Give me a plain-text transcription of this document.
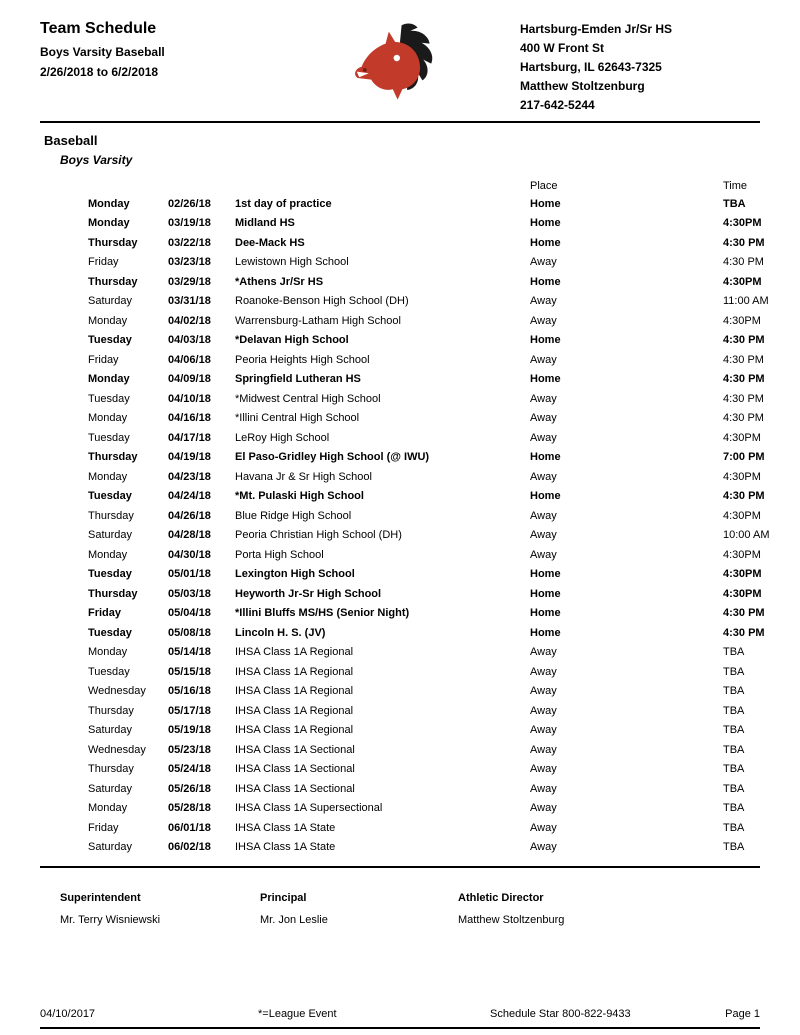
Team Schedule
Boys Varsity Baseball
2/26/2018 to 6/2/2018
Hartsburg-Emden Jr/Sr HS
400 W Front St
Hartsburg, IL 62643-7325
Matthew Stoltzenburg
217-642-5244
Baseball
Boys Varsity
			Place	Time
Monday	02/26/18	1st day of practice	Home	TBA
Monday	03/19/18	Midland HS	Home	4:30PM
Thursday	03/22/18	Dee-Mack HS	Home	4:30 PM
Friday	03/23/18	Lewistown High School	Away	4:30 PM
Thursday	03/29/18	*Athens Jr/Sr HS	Home	4:30PM
Saturday	03/31/18	Roanoke-Benson High School (DH)	Away	11:00 AM
Monday	04/02/18	Warrensburg-Latham High School	Away	4:30PM
Tuesday	04/03/18	*Delavan High School	Home	4:30 PM
Friday	04/06/18	Peoria Heights High School	Away	4:30 PM
Monday	04/09/18	Springfield Lutheran HS	Home	4:30 PM
Tuesday	04/10/18	*Midwest Central High School	Away	4:30 PM
Monday	04/16/18	*Illini Central High School	Away	4:30 PM
Tuesday	04/17/18	LeRoy High School	Away	4:30PM
Thursday	04/19/18	El Paso-Gridley High School (@ IWU)	Home	7:00 PM
Monday	04/23/18	Havana Jr & Sr High School	Away	4:30PM
Tuesday	04/24/18	*Mt. Pulaski High School	Home	4:30 PM
Thursday	04/26/18	Blue Ridge High School	Away	4:30PM
Saturday	04/28/18	Peoria Christian High School (DH)	Away	10:00 AM
Monday	04/30/18	Porta High School	Away	4:30PM
Tuesday	05/01/18	Lexington High School	Home	4:30PM
Thursday	05/03/18	Heyworth Jr-Sr High School	Home	4:30PM
Friday	05/04/18	*Illini Bluffs MS/HS (Senior Night)	Home	4:30 PM
Tuesday	05/08/18	Lincoln H. S. (JV)	Home	4:30 PM
Monday	05/14/18	IHSA Class 1A Regional	Away	TBA
Tuesday	05/15/18	IHSA Class 1A Regional	Away	TBA
Wednesday	05/16/18	IHSA Class 1A Regional	Away	TBA
Thursday	05/17/18	IHSA Class 1A Regional	Away	TBA
Saturday	05/19/18	IHSA Class 1A Regional	Away	TBA
Wednesday	05/23/18	IHSA Class 1A Sectional	Away	TBA
Thursday	05/24/18	IHSA Class 1A Sectional	Away	TBA
Saturday	05/26/18	IHSA Class 1A Sectional	Away	TBA
Monday	05/28/18	IHSA Class 1A Supersectional	Away	TBA
Friday	06/01/18	IHSA Class 1A State	Away	TBA
Saturday	06/02/18	IHSA Class 1A State	Away	TBA
Superintendent
Mr. Terry Wisniewski
Principal
Mr. Jon Leslie
Athletic Director
Matthew Stoltzenburg
04/10/2017	*=League Event	Schedule Star 800-822-9433	Page 1
